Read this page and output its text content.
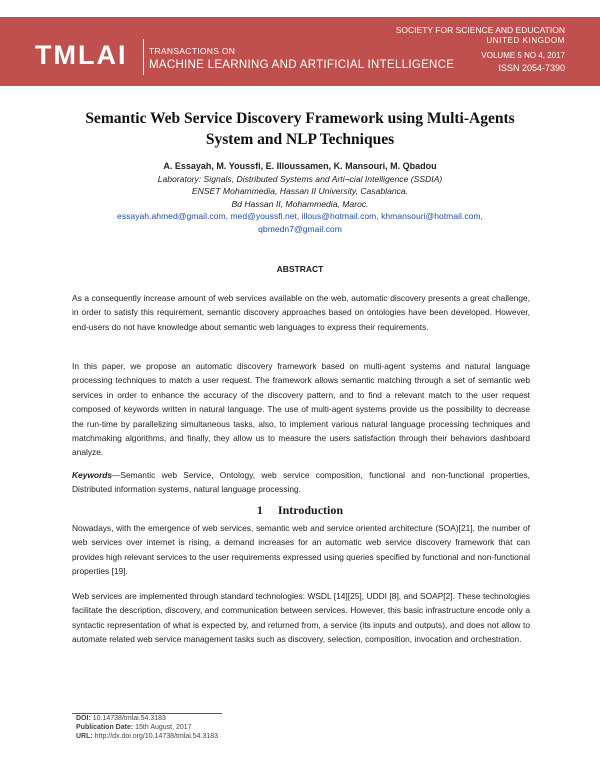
TMLAI	TRANSACTIONS ON
MACHINE LEARNING AND ARTIFICIAL INTELLIGENCE
SOCIETY FOR SCIENCE AND EDUCATION
UNITED KINGDOM
VOLUME 5 NO 4, 2017
ISSN 2054-7390
Semantic Web Service Discovery Framework using Multi-Agents
System and NLP Techniques
A. Essayah, M. Youssfi, E. Illoussamen, K. Mansouri, M. Qbadou
Laboratory: Signals, Distributed Systems and Arti¬cial Intelligence (SSDIA)
ENSET Mohammedia, Hassan II University, Casablanca.
Bd Hassan II, Mohammedia, Maroc.
essayah.ahmed@gmail.com, med@youssfi.net, illous@hotmail.com, khmansouri@hotmail.com,
qbmedn7@gmail.com
ABSTRACT

As a consequently increase amount of web services available on the web, automatic discovery presents a great challenge, in order to satisfy this requirement, semantic discovery approaches based on ontologies have been developed. However, end-users do not have knowledge about semantic web languages to express their requirements.

In this paper, we propose an automatic discovery framework based on multi-agent systems and natural language processing techniques to match a user request. The framework allows semantic matching through a set of semantic web services in order to enhance the accuracy of the discovery pattern, and to find a relevant match to the user request composed of keywords written in natural language. The use of multi-agent systems provide us the possibility to decrease the run-time by parallelizing simultaneous tasks, also, to implement various natural language processing techniques and matchmaking algorithms, and finally, they allow us to measure the users satisfaction through their behaviors dashboard analyze.

Keywords—Semantic web Service, Ontology, web service composition, functional and non-functional properties, Distributed information systems, natural language processing.

1 Introduction

Nowadays, with the emergence of web services, semantic web and service oriented architecture (SOA)[21], the number of web services over internet is rising, a demand increases for an automatic web service discovery framework that can provides high relevant services to the user requirements expressed using queries specified by functional and non-functional properties [19].

Web services are implemented through standard technologies: WSDL [14][25], UDDI [8], and SOAP[2]. These technologies facilitate the description, discovery, and communication between services. However, this basic infrastructure encode only a syntactic representation of what is expected by, and returned from, a service (its inputs and outputs), and does not allow to automate related web service management tasks such as discovery, selection, composition, invocation and orchestration.

DOI: 10.14738/tmlai.54.3183
Publication Date: 15th August, 2017
URL: http://dx.doi.org/10.14738/tmlai.54.3183
